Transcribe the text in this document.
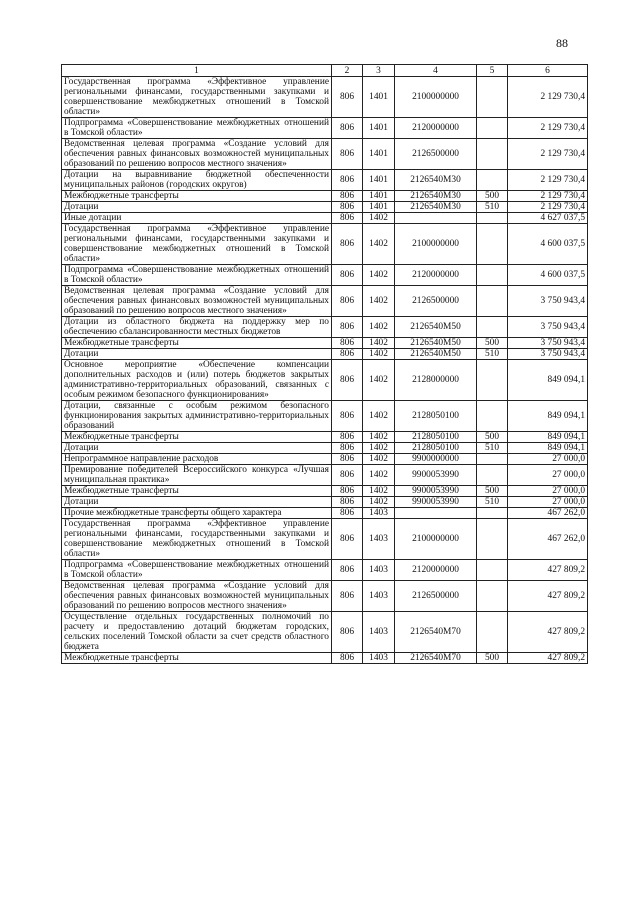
88
1	2	3	4	5	6
Государственная программа «Эффективное управление региональными финансами, государственными закупками и совершенствование межбюджетных отношений в Томской области»	806	1401	2100000000		2 129 730,4
Подпрограмма «Совершенствование межбюджетных отношений в Томской области»	806	1401	2120000000		2 129 730,4
Ведомственная целевая программа «Создание условий для обеспечения равных финансовых возможностей муниципальных образований по решению вопросов местного значения»	806	1401	2126500000		2 129 730,4
Дотации на выравнивание бюджетной обеспеченности муниципальных районов (городских округов)	806	1401	2126540М30		2 129 730,4
Межбюджетные трансферты	806	1401	2126540М30	500	2 129 730,4
Дотации	806	1401	2126540М30	510	2 129 730,4
Иные дотации	806	1402			4 627 037,5
Государственная программа «Эффективное управление региональными финансами, государственными закупками и совершенствование межбюджетных отношений в Томской области»	806	1402	2100000000		4 600 037,5
Подпрограмма «Совершенствование межбюджетных отношений в Томской области»	806	1402	2120000000		4 600 037,5
Ведомственная целевая программа «Создание условий для обеспечения равных финансовых возможностей муниципальных образований по решению вопросов местного значения»	806	1402	2126500000		3 750 943,4
Дотации из областного бюджета на поддержку мер по обеспечению сбалансированности местных бюджетов	806	1402	2126540М50		3 750 943,4
Межбюджетные трансферты	806	1402	2126540М50	500	3 750 943,4
Дотации	806	1402	2126540М50	510	3 750 943,4
Основное мероприятие «Обеспечение компенсации дополнительных расходов и (или) потерь бюджетов закрытых административно-территориальных образований, связанных с особым режимом безопасного функционирования»	806	1402	2128000000		849 094,1
Дотации, связанные с особым режимом безопасного функционирования закрытых административно-территориальных образований	806	1402	2128050100		849 094,1
Межбюджетные трансферты	806	1402	2128050100	500	849 094,1
Дотации	806	1402	2128050100	510	849 094,1
Непрограммное направление расходов	806	1402	9900000000		27 000,0
Премирование победителей Всероссийского конкурса «Лучшая муниципальная практика»	806	1402	9900053990		27 000,0
Межбюджетные трансферты	806	1402	9900053990	500	27 000,0
Дотации	806	1402	9900053990	510	27 000,0
Прочие межбюджетные трансферты общего характера	806	1403			467 262,0
Государственная программа «Эффективное управление региональными финансами, государственными закупками и совершенствование межбюджетных отношений в Томской области»	806	1403	2100000000		467 262,0
Подпрограмма «Совершенствование межбюджетных отношений в Томской области»	806	1403	2120000000		427 809,2
Ведомственная целевая программа «Создание условий для обеспечения равных финансовых возможностей муниципальных образований по решению вопросов местного значения»	806	1403	2126500000		427 809,2
Осуществление отдельных государственных полномочий по расчету и предоставлению дотаций бюджетам городских, сельских поселений Томской области за счет средств областного бюджета	806	1403	2126540М70		427 809,2
Межбюджетные трансферты	806	1403	2126540М70	500	427 809,2
